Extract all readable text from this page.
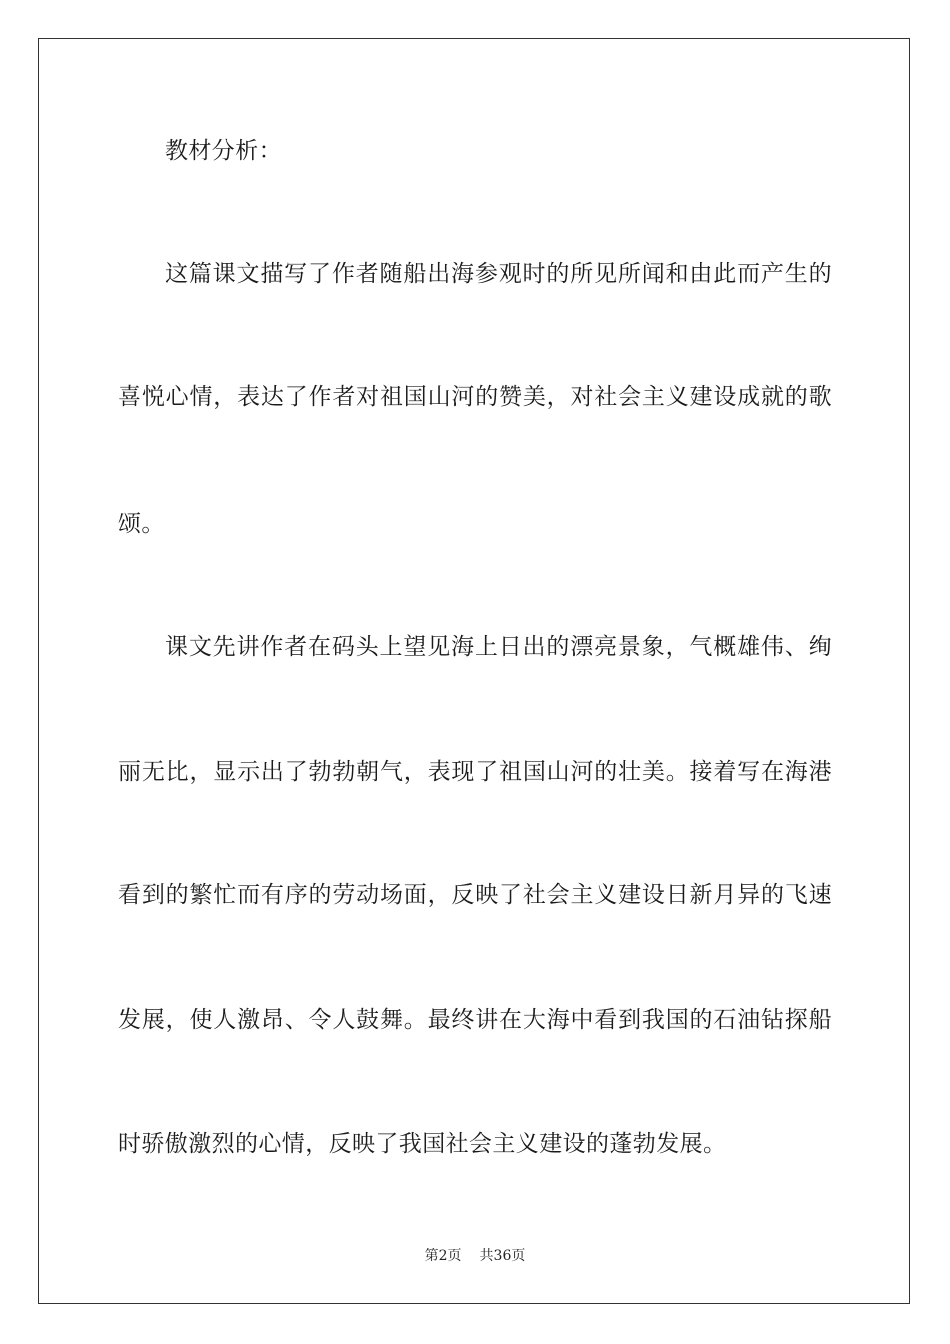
教材分析：
这篇课文描写了作者随船出海参观时的所见所闻和由此而产生的
喜悦心情，表达了作者对祖国山河的赞美，对社会主义建设成就的歌
颂。
课文先讲作者在码头上望见海上日出的漂亮景象，气概雄伟、绚
丽无比，显示出了勃勃朝气，表现了祖国山河的壮美。接着写在海港
看到的繁忙而有序的劳动场面，反映了社会主义建设日新月异的飞速
发展，使人激昂、令人鼓舞。最终讲在大海中看到我国的石油钻探船
时骄傲激烈的心情，反映了我国社会主义建设的蓬勃发展。
第2页 共36页
